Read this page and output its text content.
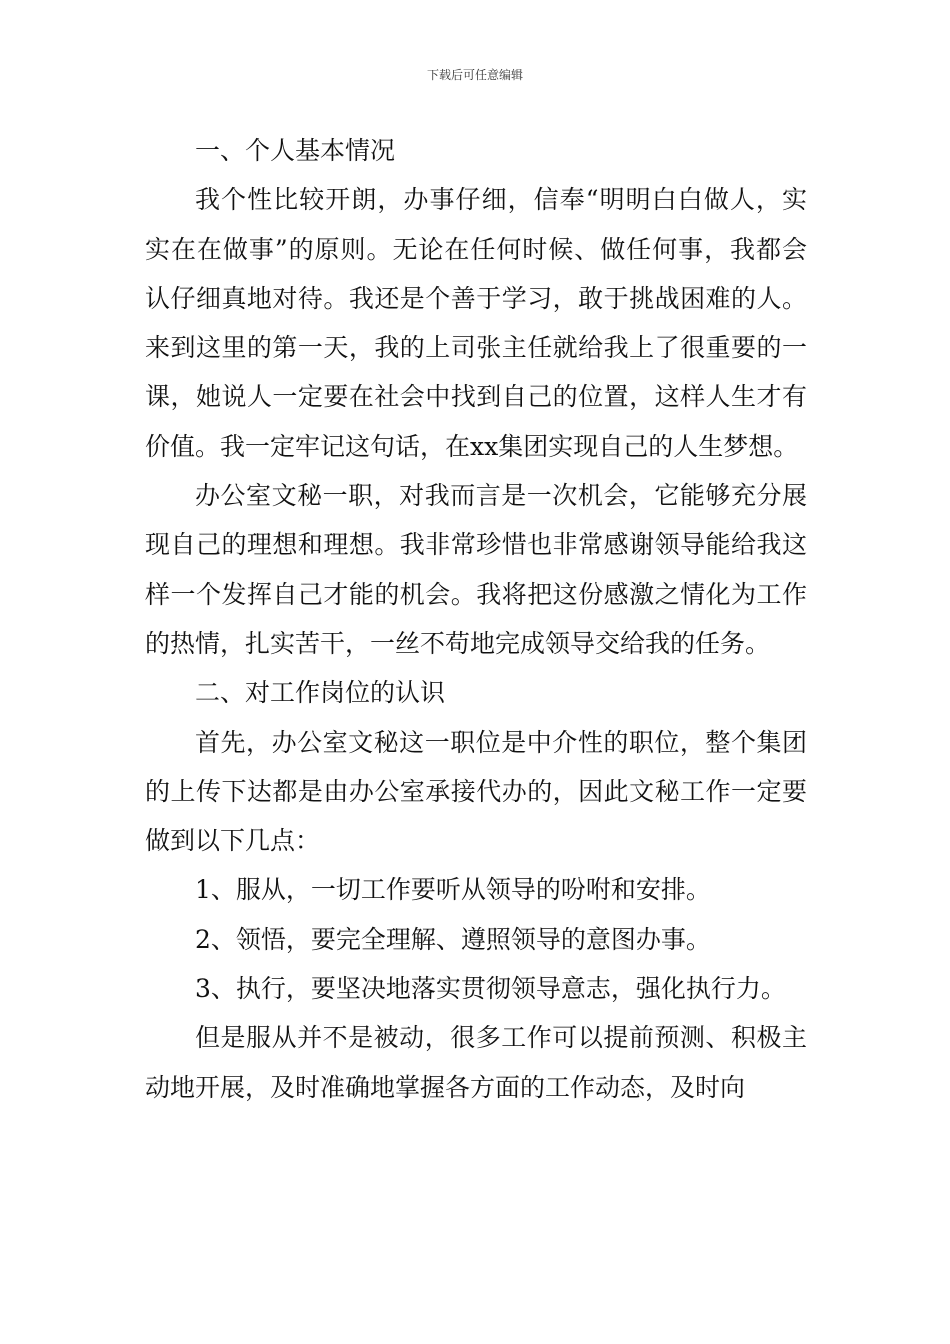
下载后可任意编辑

一、个人基本情况

我个性比较开朗，办事仔细，信奉“明明白白做人，实实在在做事”的原则。无论在任何时候、做任何事，我都会认仔细真地对待。我还是个善于学习，敢于挑战困难的人。来到这里的第一天，我的上司张主任就给我上了很重要的一课，她说人一定要在社会中找到自己的位置，这样人生才有价值。我一定牢记这句话，在xx集团实现自己的人生梦想。

办公室文秘一职，对我而言是一次机会，它能够充分展现自己的理想和理想。我非常珍惜也非常感谢领导能给我这样一个发挥自己才能的机会。我将把这份感激之情化为工作的热情，扎实苦干，一丝不苟地完成领导交给我的任务。

二、对工作岗位的认识

首先，办公室文秘这一职位是中介性的职位，整个集团的上传下达都是由办公室承接代办的，因此文秘工作一定要做到以下几点：

1、服从，一切工作要听从领导的吩咐和安排。

2、领悟，要完全理解、遵照领导的意图办事。

3、执行，要坚决地落实贯彻领导意志，强化执行力。

但是服从并不是被动，很多工作可以提前预测、积极主动地开展，及时准确地掌握各方面的工作动态，及时向
